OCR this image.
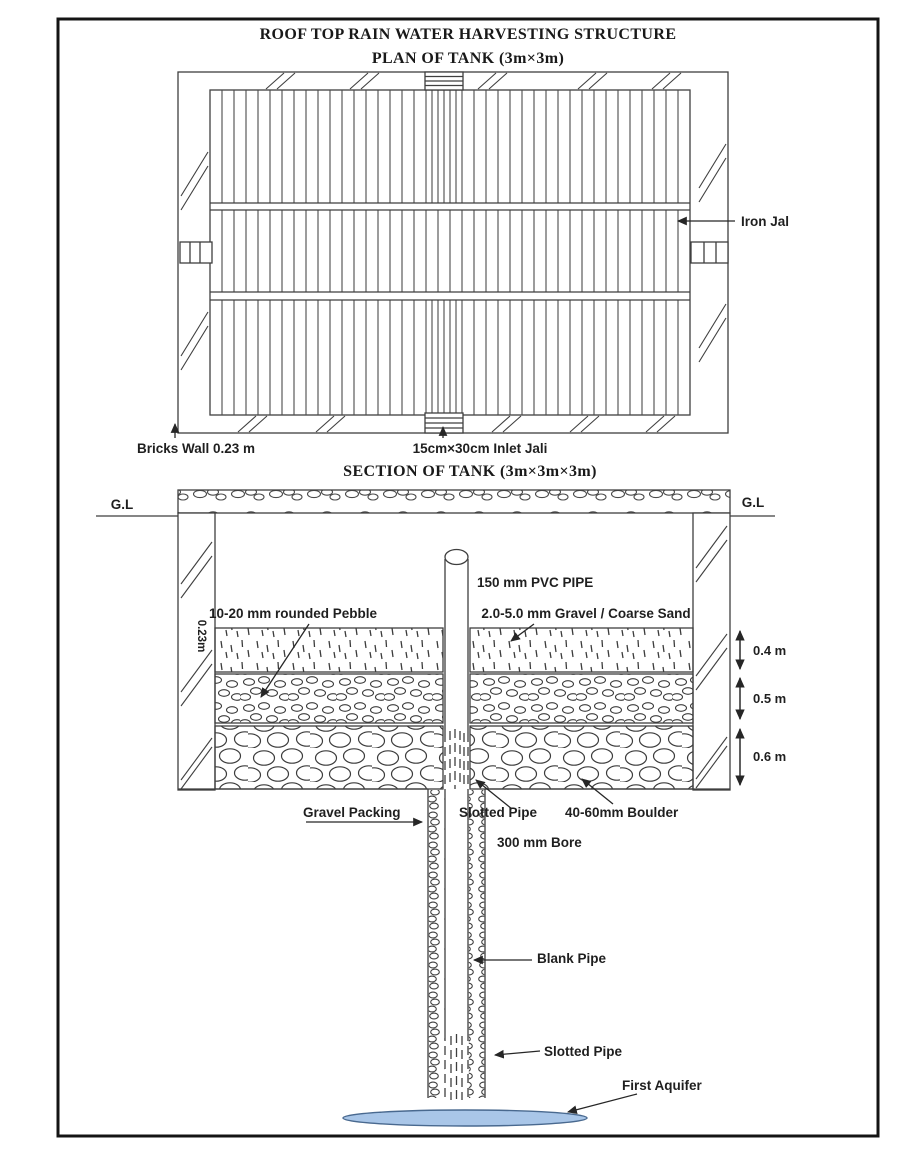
ROOF TOP RAIN WATER HARVESTING STRUCTURE
PLAN OF TANK (3m×3m)
Iron Jal
Bricks Wall 0.23 m	15cm×30cm Inlet Jali
SECTION OF TANK (3m×3m×3m)
G.L	G.L
0.23m
150 mm PVC PIPE
10-20 mm rounded Pebble	2.0-5.0 mm Gravel / Coarse Sand
0.4 m
0.5 m
0.6 m
Gravel Packing	Slotted Pipe
300 mm Bore
40-60mm Boulder
Blank Pipe
Slotted Pipe
First Aquifer
